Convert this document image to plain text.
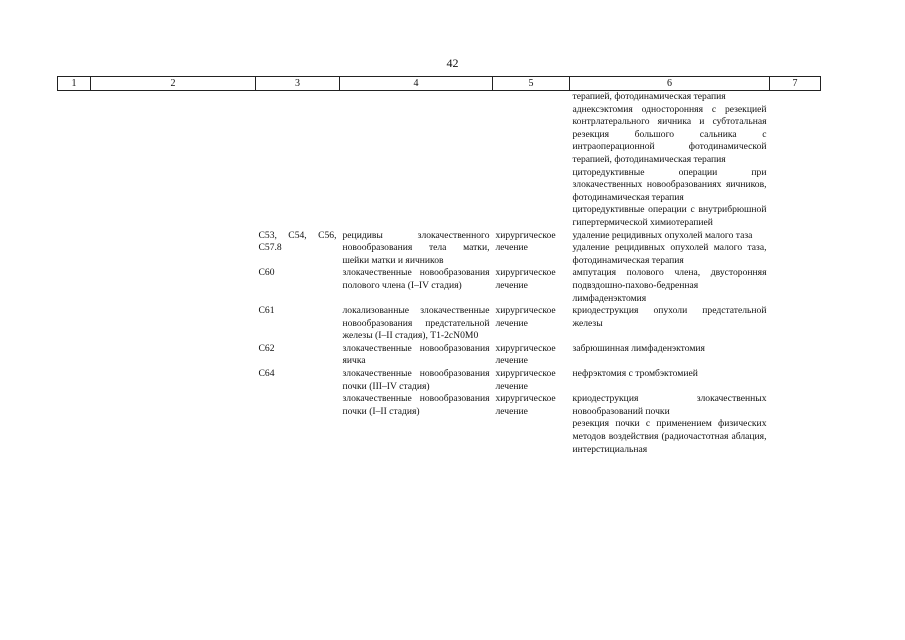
42
1	2	3	4	5	6	7

					терапией, фотодинамическая терапия
аднексэктомия односторонняя с резекцией контрлатерального яичника и субтотальная резекция большого сальника с интраоперационной фотодинамической терапией, фотодинамическая терапия
циторедуктивные операции при злокачественных новообразованиях яичников, фотодинамическая терапия
циторедуктивные операции с внутрибрюшной гипертермической химиотерапией	

		C53, C54, C56, C57.8	рецидивы злокачественного новообразования тела матки, шейки матки и яичников	хирургическое лечение	удаление рецидивных опухолей малого таза
удаление рецидивных опухолей малого таза, фотодинамическая терапия	

		C60	злокачественные новообразования полового члена (I–IV стадия)	хирургическое лечение	ампутация полового члена, двусторонняя подвздошно-пахово-бедренная лимфаденэктомия	

		C61	локализованные злокачественные новообразования предстательной железы (I–II стадия), T1-2cN0M0	хирургическое лечение	криодеструкция опухоли предстательной железы	

		C62	злокачественные новообразования яичка	хирургическое лечение	забрюшинная лимфаденэктомия	

		C64	злокачественные новообразования почки (III–IV стадия)	хирургическое лечение	нефрэктомия с тромбэктомией	

			злокачественные новообразования почки (I–II стадия)	хирургическое лечение	криодеструкция злокачественных новообразований почки
резекция почки с применением физических методов воздействия (радиочастотная аблация, интерстициальная	
